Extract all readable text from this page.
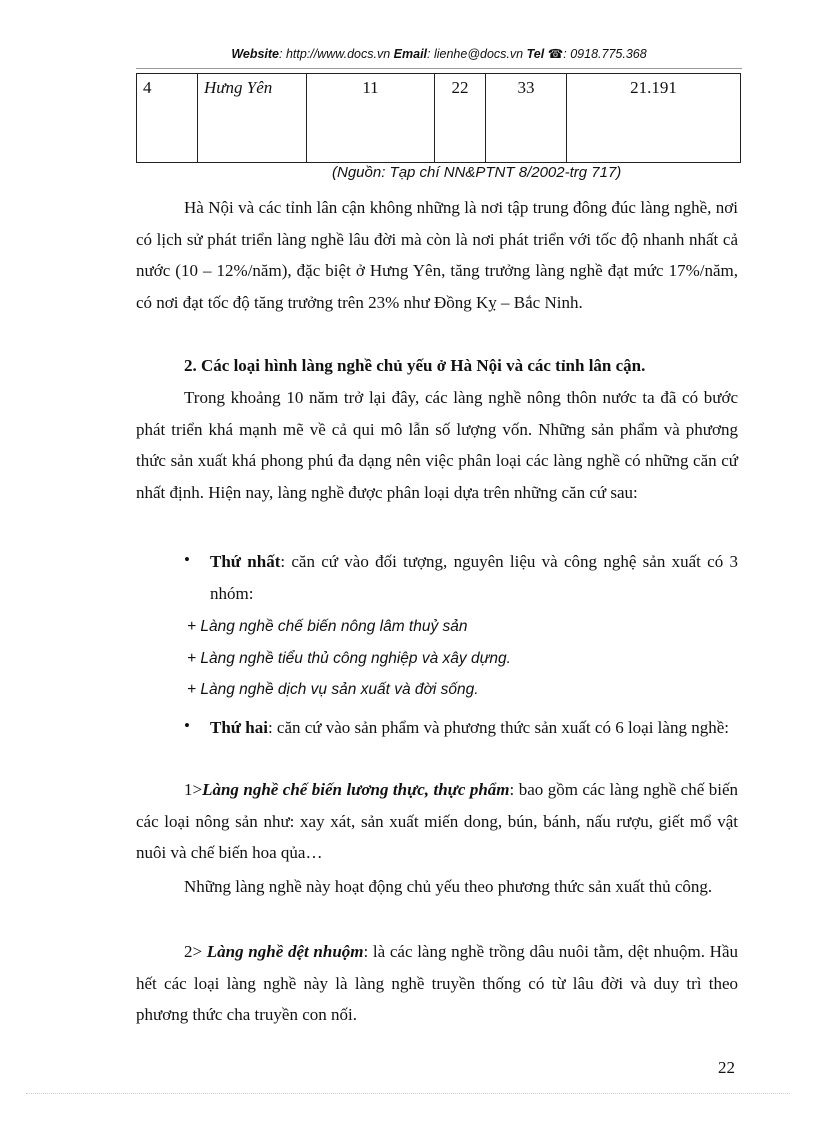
Website: http://www.docs.vn Email: lienhe@docs.vn Tel ☎: 0918.775.368
4	Hưng Yên	11	22	33	21.191
(Nguồn: Tạp chí NN&PTNT 8/2002-trg 717)

Hà Nội và các tỉnh lân cận không những là nơi tập trung đông đúc làng nghề, nơi có lịch sử phát triển làng nghề lâu đời mà còn là nơi phát triển với tốc độ nhanh nhất cả nước (10 – 12%/năm), đặc biệt ở Hưng Yên, tăng trưởng làng nghề đạt mức 17%/năm, có nơi đạt tốc độ tăng trưởng trên 23% như Đồng Kỵ – Bắc Ninh.

2. Các loại hình làng nghề chủ yếu ở Hà Nội và các tỉnh lân cận.

Trong khoảng 10 năm trở lại đây, các làng nghề nông thôn nước ta đã có bước phát triển khá mạnh mẽ về cả qui mô lẫn số lượng vốn. Những sản phẩm và phương thức sản xuất khá phong phú đa dạng nên việc phân loại các làng nghề có những căn cứ nhất định. Hiện nay, làng nghề được phân loại dựa trên những căn cứ sau:

• Thứ nhất: căn cứ vào đối tượng, nguyên liệu và công nghệ sản xuất có 3 nhóm:

+ Làng nghề chế biến nông lâm thuỷ sản
+ Làng nghề tiểu thủ công nghiệp và xây dựng.
+ Làng nghề dịch vụ sản xuất và đời sống.
• Thứ hai: căn cứ vào sản phẩm và phương thức sản xuất có 6 loại làng nghề:

1>Làng nghề chế biến lương thực, thực phẩm: bao gồm các làng nghề chế biến các loại nông sản như: xay xát, sản xuất miến dong, bún, bánh, nấu rượu, giết mổ vật nuôi và chế biến hoa qủa…

Những làng nghề này hoạt động chủ yếu theo phương thức sản xuất thủ công.

2> Làng nghề dệt nhuộm: là các làng nghề trồng dâu nuôi tằm, dệt nhuộm. Hầu hết các loại làng nghề này là làng nghề truyền thống có từ lâu đời và duy trì theo phương thức cha truyền con nối.

22
